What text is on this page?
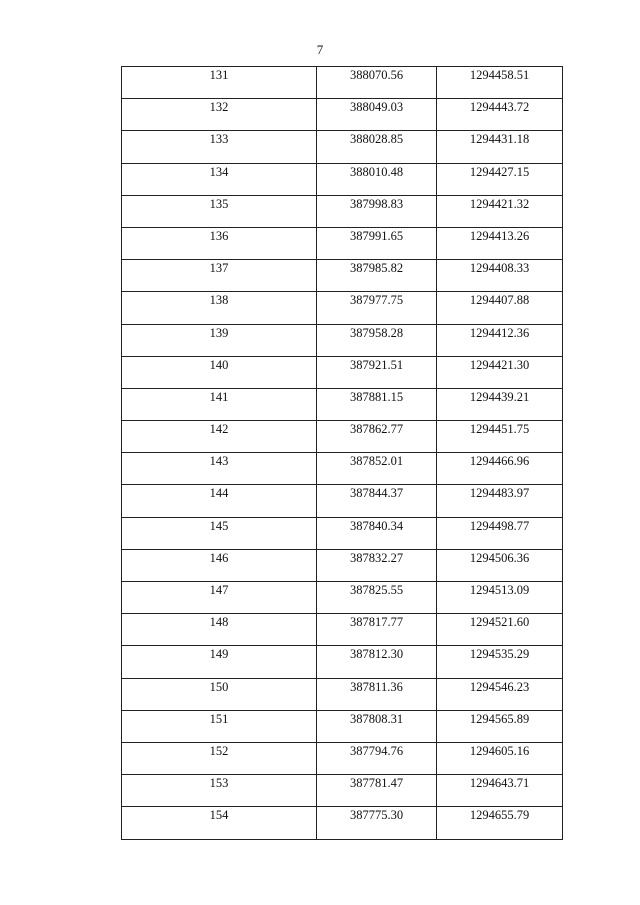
7
131	388070.56	1294458.51
132	388049.03	1294443.72
133	388028.85	1294431.18
134	388010.48	1294427.15
135	387998.83	1294421.32
136	387991.65	1294413.26
137	387985.82	1294408.33
138	387977.75	1294407.88
139	387958.28	1294412.36
140	387921.51	1294421.30
141	387881.15	1294439.21
142	387862.77	1294451.75
143	387852.01	1294466.96
144	387844.37	1294483.97
145	387840.34	1294498.77
146	387832.27	1294506.36
147	387825.55	1294513.09
148	387817.77	1294521.60
149	387812.30	1294535.29
150	387811.36	1294546.23
151	387808.31	1294565.89
152	387794.76	1294605.16
153	387781.47	1294643.71
154	387775.30	1294655.79
